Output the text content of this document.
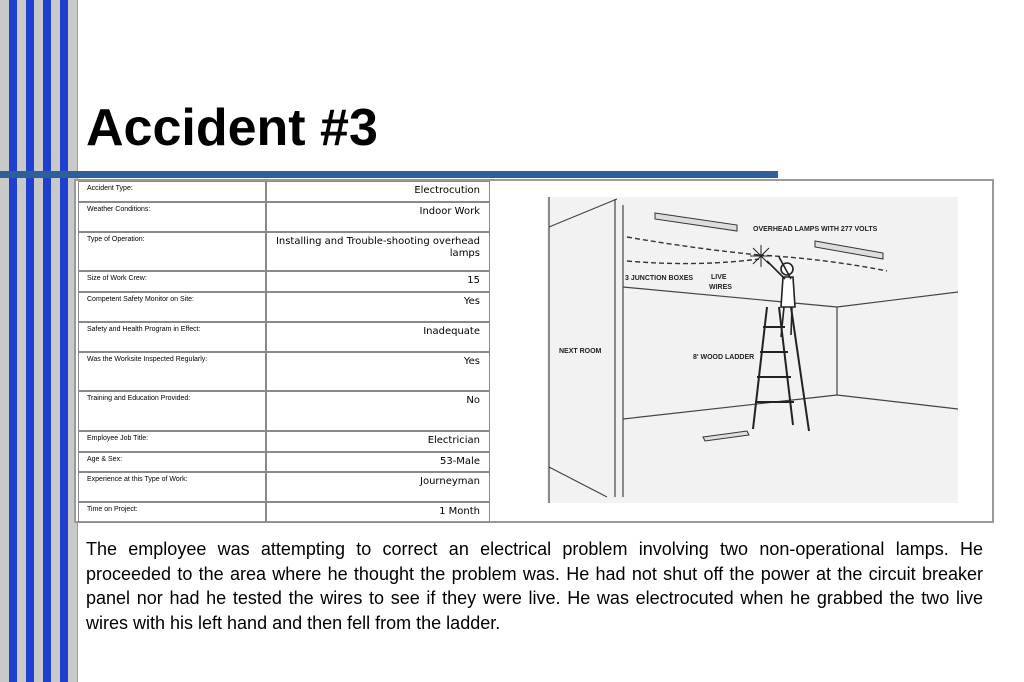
Accident #3
Accident Type:	Electrocution
Weather Conditions:	Indoor Work
Type of Operation:	Installing and Trouble-shooting overhead lamps
Size of Work Crew:	15
Competent Safety Monitor on Site:	Yes
Safety and Health Program in Effect:	Inadequate
Was the Worksite Inspected Regularly:	Yes
Training and Education Provided:	No
Employee Job Title:	Electrician
Age & Sex:	53-Male
Experience at this Type of Work:	Journeyman
Time on Project:	1 Month
OVERHEAD LAMPS WITH 277 VOLTS
3 JUNCTION BOXES	LIVE
WIRES
NEXT ROOM
8' WOOD LADDER

The employee was attempting to correct an electrical problem involving two non-operational lamps. He proceeded to the area where he thought the problem was. He had not shut off the power at the circuit breaker panel nor had he tested the wires to see if they were live. He was electrocuted when he grabbed the two live wires with his left hand and then fell from the ladder.
